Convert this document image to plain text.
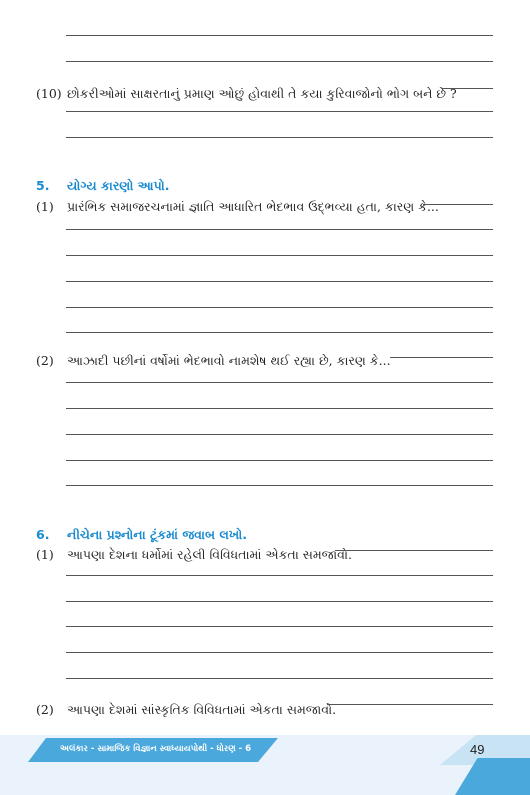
(10) છોકરીઓમાં સાક્ષરતાનું પ્રમાણ ઓછું હોવાથી તે કયા કુરિવાજોનો ભોગ બને છે ?
5. યોગ્ય કારણો આપો.
(1) પ્રારંભિક સમાજરચનામાં જ્ઞાતિ આધારિત ભેદભાવ ઉદ્‌ભવ્યા હતા, કારણ કે...
(2) આઝાદી પછીનાં વર્ષોમાં ભેદભાવો નામશેષ થઈ રહ્યા છે, કારણ કે...
6. નીચેના પ્રશ્નોના ટૂંકમાં જવાબ લખો.
(1) આપણા દેશના ધર્મોમાં રહેલી વિવિધતામાં એકતા સમજાવો.
(2) આપણા દેશમાં સાંસ્કૃતિક વિવિધતામાં એકતા સમજાવો.
અલંકાર - સામાજિક વિજ્ઞાન સ્વાધ્યાયપોથી - ધોરણ - 6	49
